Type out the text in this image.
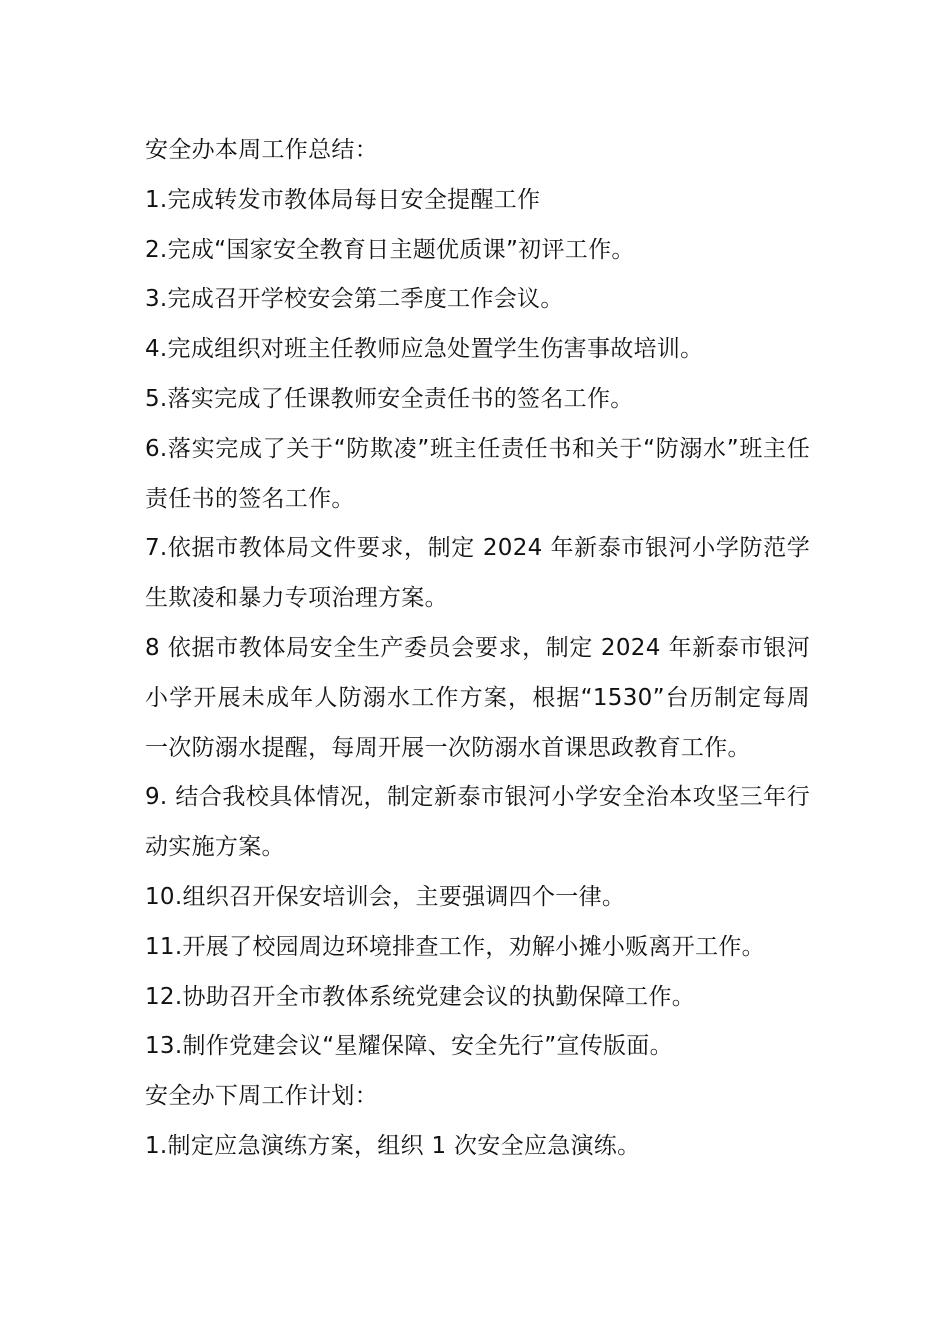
安全办本周工作总结：

1.完成转发市教体局每日安全提醒工作

2.完成“国家安全教育日主题优质课”初评工作。

3.完成召开学校安会第二季度工作会议。

4.完成组织对班主任教师应急处置学生伤害事故培训。

5.落实完成了任课教师安全责任书的签名工作。

6.落实完成了关于“防欺凌”班主任责任书和关于“防溺水”班主任责任书的签名工作。

7.依据市教体局文件要求，制定 2024 年新泰市银河小学防范学生欺凌和暴力专项治理方案。

8 依据市教体局安全生产委员会要求，制定 2024 年新泰市银河小学开展未成年人防溺水工作方案，根据“1530”台历制定每周一次防溺水提醒，每周开展一次防溺水首课思政教育工作。

9. 结合我校具体情况，制定新泰市银河小学安全治本攻坚三年行动实施方案。

10.组织召开保安培训会，主要强调四个一律。

11.开展了校园周边环境排查工作，劝解小摊小贩离开工作。

12.协助召开全市教体系统党建会议的执勤保障工作。

13.制作党建会议“星耀保障、安全先行”宣传版面。

安全办下周工作计划：

1.制定应急演练方案，组织 1 次安全应急演练。
